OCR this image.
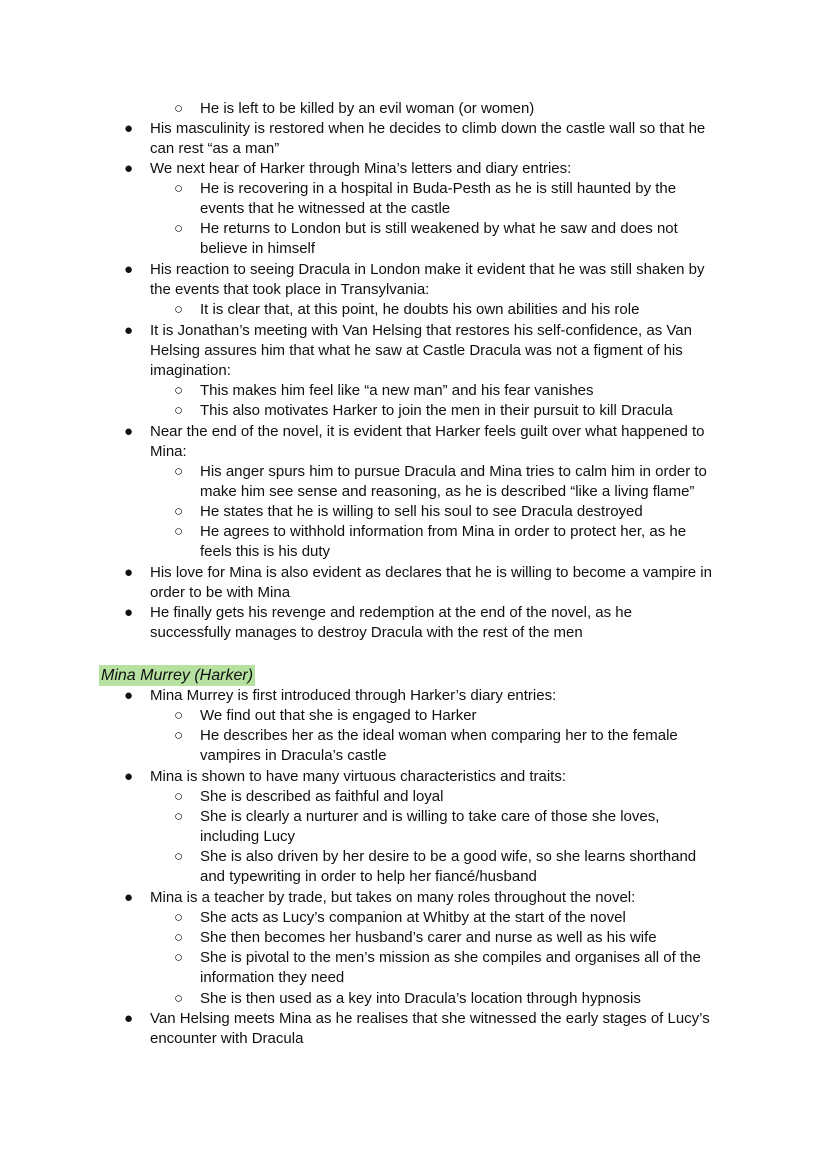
○
●
●
○
○
●
○
●
○
○
●
○
○
○
●
●
He is left to be killed by an evil woman (or women)
His masculinity is restored when he decides to climb down the castle wall so that he
can rest “as a man”
We next hear of Harker through Mina’s letters and diary entries:
He is recovering in a hospital in Buda-Pesth as he is still haunted by the
events that he witnessed at the castle
He returns to London but is still weakened by what he saw and does not
believe in himself
His reaction to seeing Dracula in London make it evident that he was still shaken by
the events that took place in Transylvania:
It is clear that, at this point, he doubts his own abilities and his role
It is Jonathan’s meeting with Van Helsing that restores his self-confidence, as Van
Helsing assures him that what he saw at Castle Dracula was not a figment of his
imagination:
This makes him feel like “a new man” and his fear vanishes
This also motivates Harker to join the men in their pursuit to kill Dracula
Near the end of the novel, it is evident that Harker feels guilt over what happened to
Mina:
His anger spurs him to pursue Dracula and Mina tries to calm him in order to
make him see sense and reasoning, as he is described “like a living flame”
He states that he is willing to sell his soul to see Dracula destroyed
He agrees to withhold information from Mina in order to protect her, as he
feels this is his duty
His love for Mina is also evident as declares that he is willing to become a vampire in
order to be with Mina
He finally gets his revenge and redemption at the end of the novel, as he
successfully manages to destroy Dracula with the rest of the men
Mina Murrey (Harker)
●
○
○
●
○
○
○
●
○
○
○
○
●
Mina Murrey is first introduced through Harker’s diary entries:
We find out that she is engaged to Harker
He describes her as the ideal woman when comparing her to the female
vampires in Dracula’s castle
Mina is shown to have many virtuous characteristics and traits:
She is described as faithful and loyal
She is clearly a nurturer and is willing to take care of those she loves,
including Lucy
She is also driven by her desire to be a good wife, so she learns shorthand
and typewriting in order to help her fiancé/husband
Mina is a teacher by trade, but takes on many roles throughout the novel:
She acts as Lucy’s companion at Whitby at the start of the novel
She then becomes her husband’s carer and nurse as well as his wife
She is pivotal to the men’s mission as she compiles and organises all of the
information they need
She is then used as a key into Dracula’s location through hypnosis
Van Helsing meets Mina as he realises that she witnessed the early stages of Lucy’s
encounter with Dracula
